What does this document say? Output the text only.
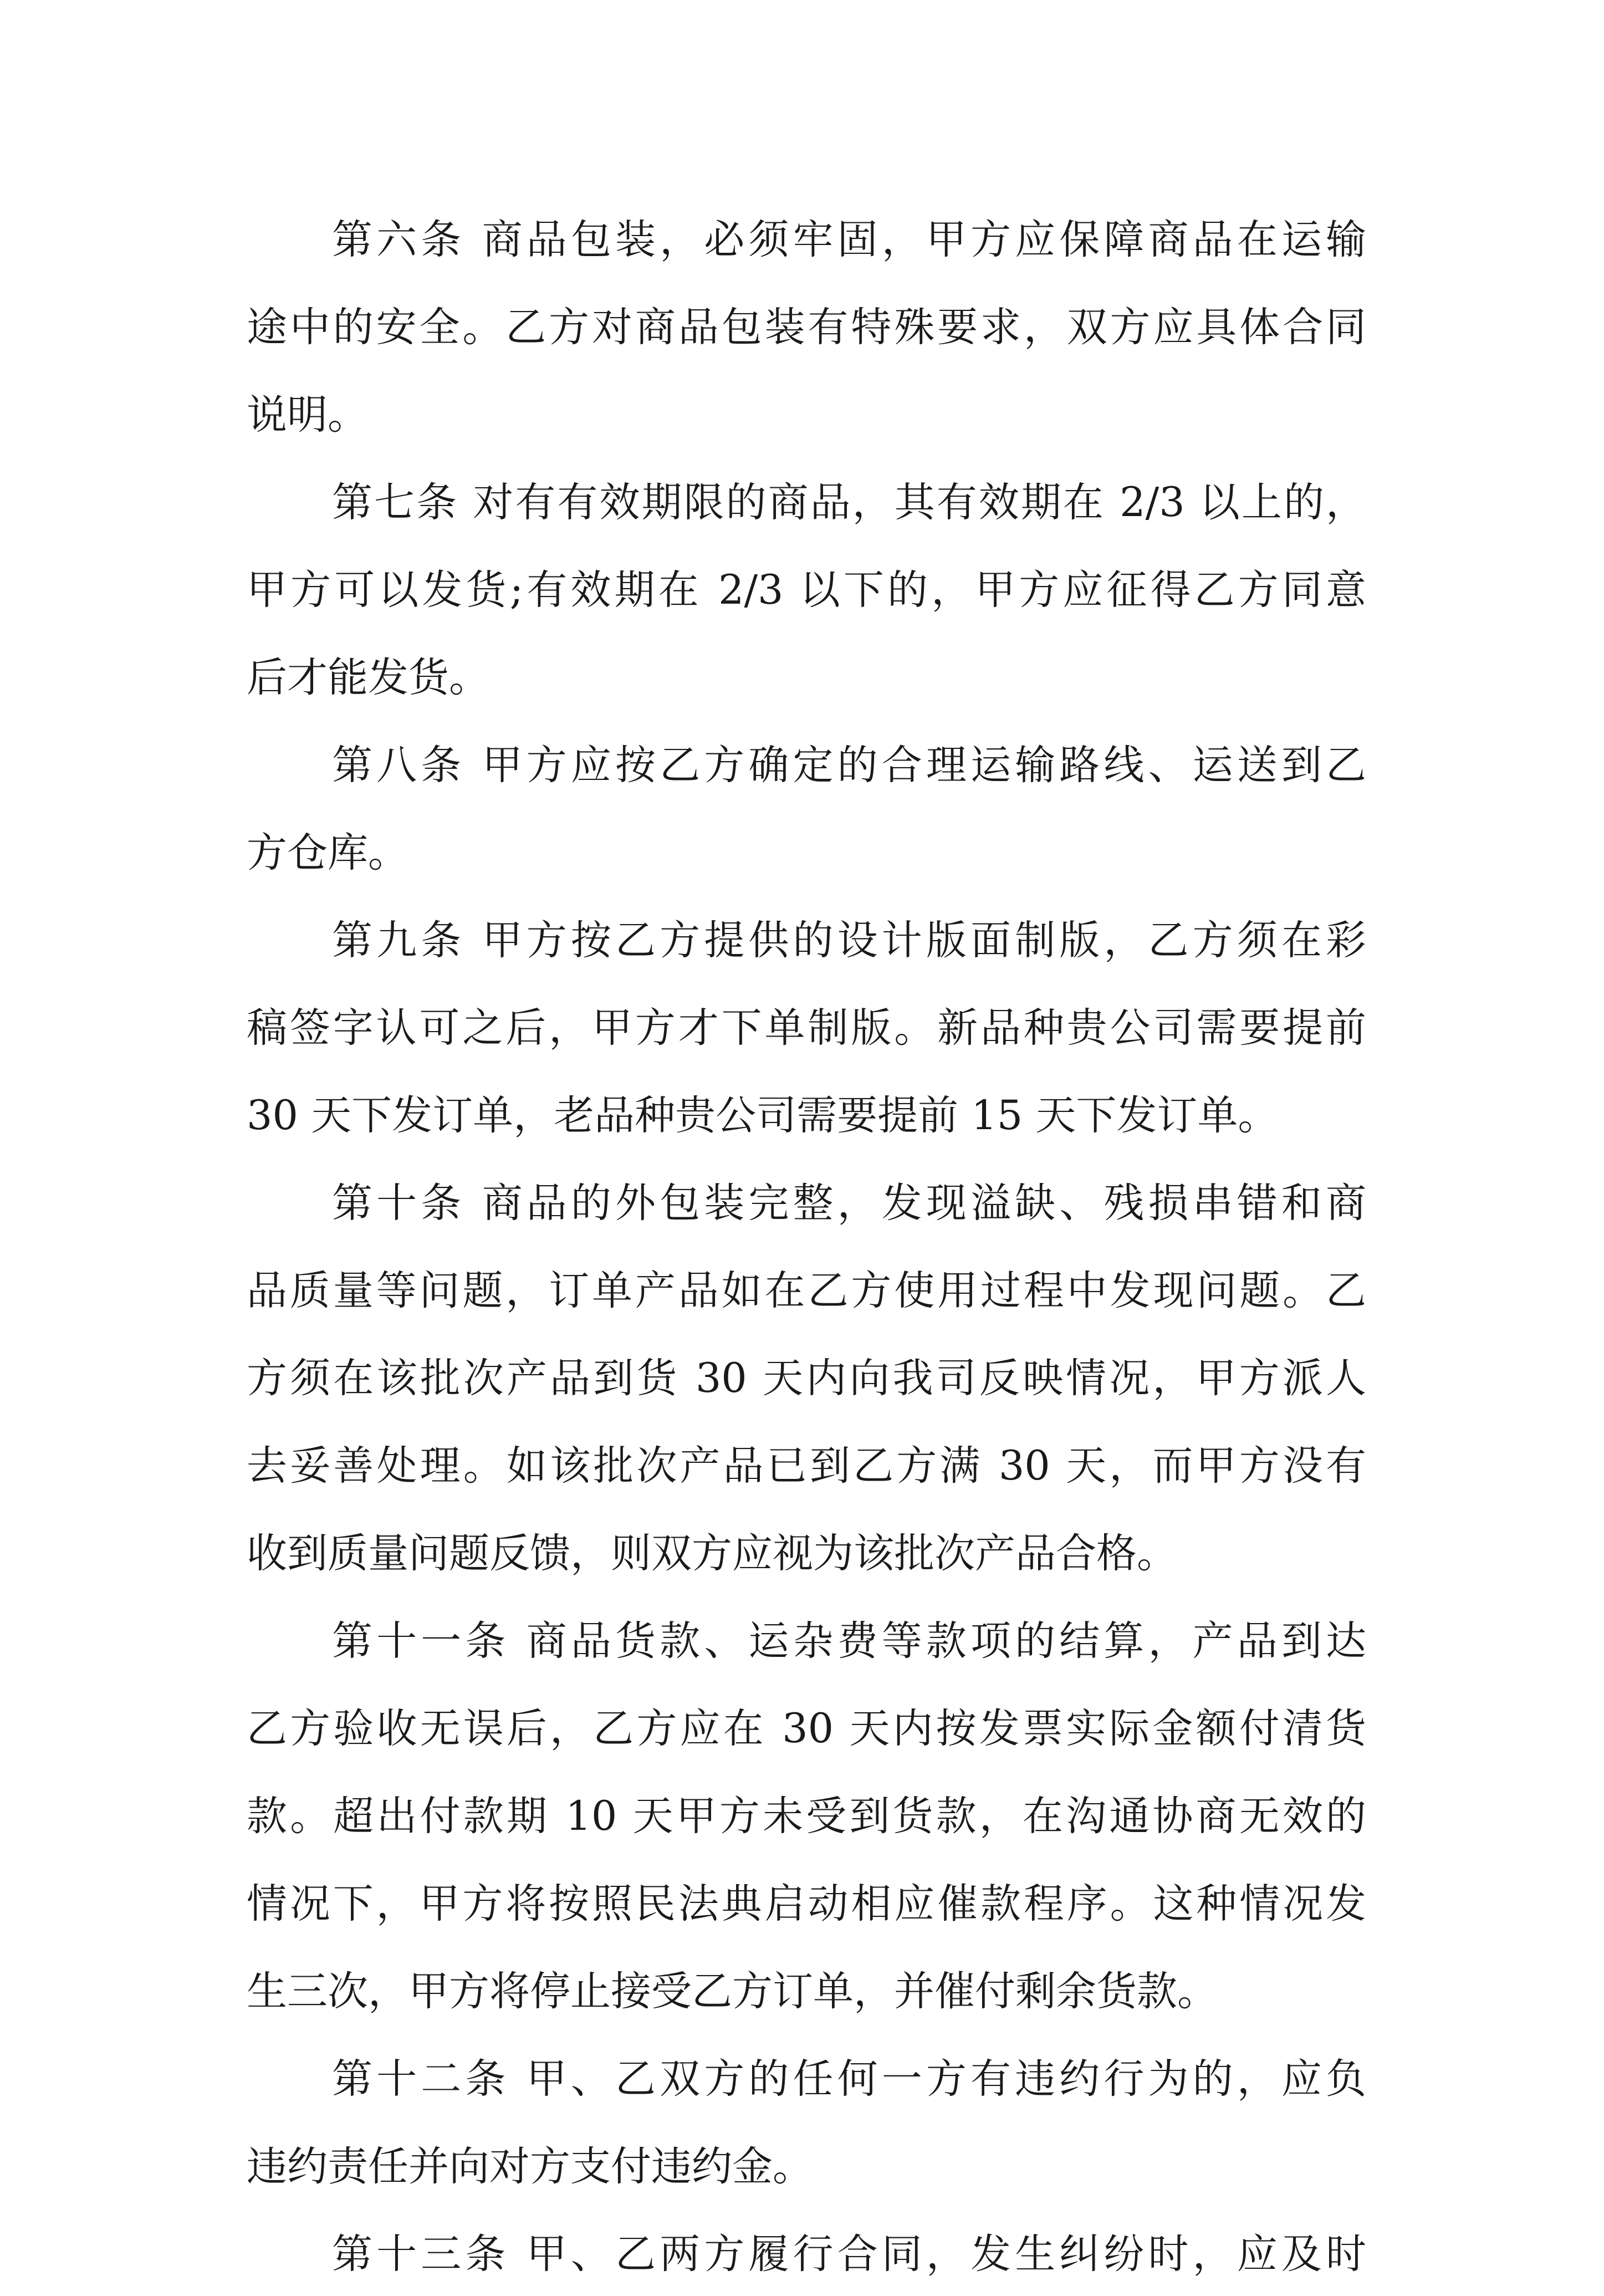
第六条 商品包装，必须牢固，甲方应保障商品在运输
途中的安全。乙方对商品包装有特殊要求，双方应具体合同
说明。
第七条 对有有效期限的商品，其有效期在 2/3 以上的，
甲方可以发货;有效期在 2/3 以下的，甲方应征得乙方同意
后才能发货。
第八条 甲方应按乙方确定的合理运输路线、运送到乙
方仓库。
第九条 甲方按乙方提供的设计版面制版，乙方须在彩
稿签字认可之后，甲方才下单制版。新品种贵公司需要提前
30 天下发订单，老品种贵公司需要提前 15 天下发订单。
第十条 商品的外包装完整，发现溢缺、残损串错和商
品质量等问题，订单产品如在乙方使用过程中发现问题。乙
方须在该批次产品到货 30 天内向我司反映情况，甲方派人
去妥善处理。如该批次产品已到乙方满 30 天，而甲方没有
收到质量问题反馈，则双方应视为该批次产品合格。
第十一条 商品货款、运杂费等款项的结算，产品到达
乙方验收无误后，乙方应在 30 天内按发票实际金额付清货
款。超出付款期 10 天甲方未受到货款，在沟通协商无效的
情况下，甲方将按照民法典启动相应催款程序。这种情况发
生三次，甲方将停止接受乙方订单，并催付剩余货款。
第十二条 甲、乙双方的任何一方有违约行为的，应负
违约责任并向对方支付违约金。
第十三条 甲、乙两方履行合同，发生纠纷时，应及时
